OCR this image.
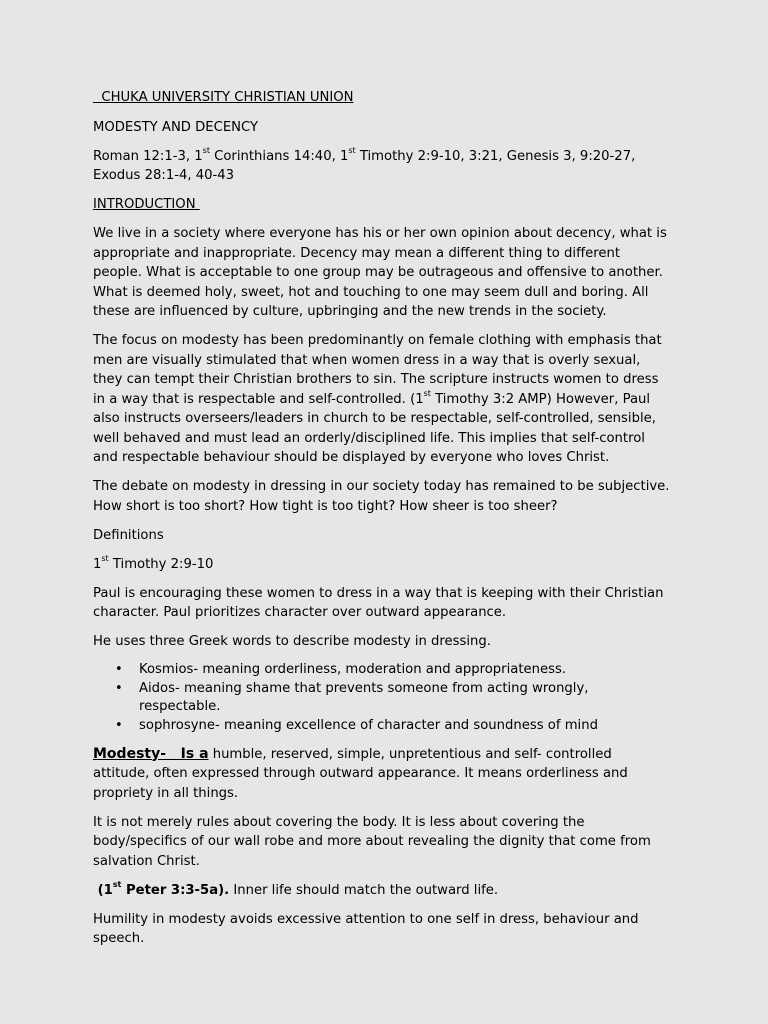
CHUKA UNIVERSITY CHRISTIAN UNION

MODESTY AND DECENCY

Roman 12:1-3, 1st Corinthians 14:40, 1st Timothy 2:9-10, 3:21, Genesis 3, 9:20-27, Exodus 28:1-4, 40-43

INTRODUCTION

We live in a society where everyone has his or her own opinion about decency, what is appropriate and inappropriate. Decency may mean a different thing to different people. What is acceptable to one group may be outrageous and offensive to another. What is deemed holy, sweet, hot and touching to one may seem dull and boring. All these are influenced by culture, upbringing and the new trends in the society.

The focus on modesty has been predominantly on female clothing with emphasis that men are visually stimulated that when women dress in a way that is overly sexual, they can tempt their Christian brothers to sin. The scripture instructs women to dress in a way that is respectable and self-controlled. (1st Timothy 3:2 AMP) However, Paul also instructs overseers/leaders in church to be respectable, self-controlled, sensible, well behaved and must lead an orderly/disciplined life. This implies that self-control and respectable behaviour should be displayed by everyone who loves Christ.

The debate on modesty in dressing in our society today has remained to be subjective. How short is too short? How tight is too tight? How sheer is too sheer?

Definitions

1st Timothy 2:9-10

Paul is encouraging these women to dress in a way that is keeping with their Christian character. Paul prioritizes character over outward appearance.

He uses three Greek words to describe modesty in dressing.

• Kosmios- meaning orderliness, moderation and appropriateness.
• Aidos- meaning shame that prevents someone from acting wrongly, respectable.
• sophrosyne- meaning excellence of character and soundness of mind

Modesty-   Is a humble, reserved, simple, unpretentious and self- controlled attitude, often expressed through outward appearance. It means orderliness and propriety in all things.

It is not merely rules about covering the body. It is less about covering the body/specifics of our wall robe and more about revealing the dignity that come from salvation Christ.

(1st Peter 3:3-5a). Inner life should match the outward life.

Humility in modesty avoids excessive attention to one self in dress, behaviour and speech.
